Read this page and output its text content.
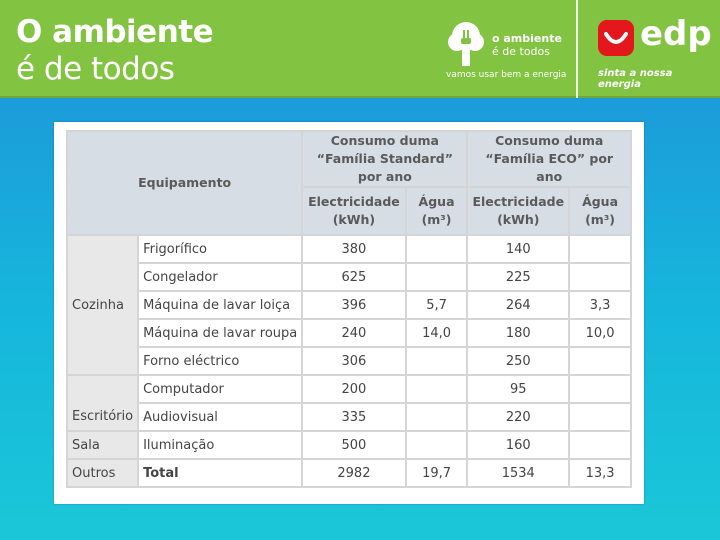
O ambiente
é de todos
o ambiente
é de todos
vamos usar bem a energia
edp
sinta a nossa energia
Equipamento		Consumo duma “Família Standard” por ano		Consumo duma “Família ECO” por ano	
		Electricidade (kWh)	Água (m³)	Electricidade (kWh)	Água (m³)
Cozinha	Frigorífico	380		140	
	Congelador	625		225	
	Máquina de lavar loiça	396	5,7	264	3,3
	Máquina de lavar roupa	240	14,0	180	10,0
	Forno eléctrico	306		250	
Escritório	Computador	200		95	
	Audiovisual	335		220	
Sala	Iluminação	500		160	
Outros	Total	2982	19,7	1534	13,3
